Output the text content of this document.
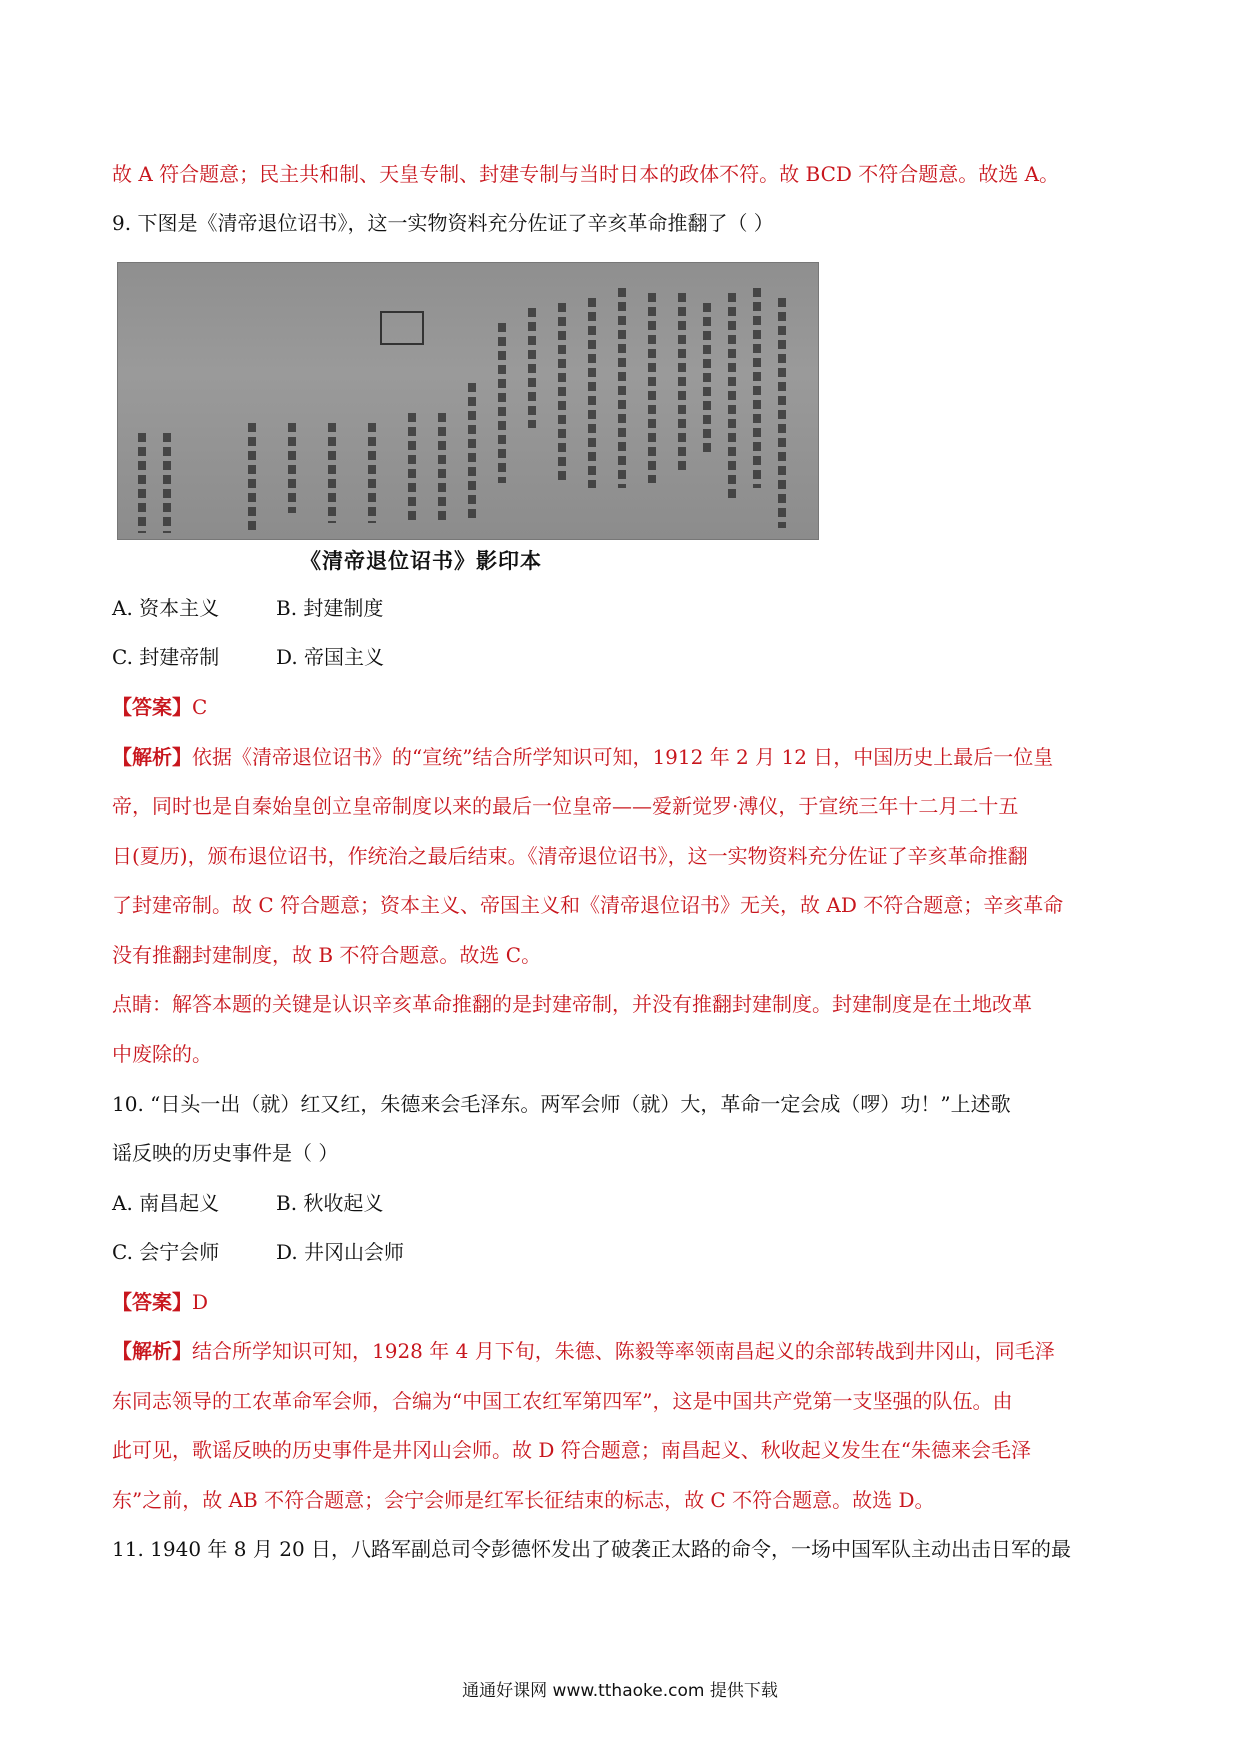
故 A 符合题意；民主共和制、天皇专制、封建专制与当时日本的政体不符。故 BCD 不符合题意。故选 A。
9. 下图是《清帝退位诏书》，这一实物资料充分佐证了辛亥革命推翻了（ ）
《清帝退位诏书》影印本
A. 资本主义	B. 封建制度
C. 封建帝制	D. 帝国主义
【答案】C
【解析】依据《清帝退位诏书》的“宣统”结合所学知识可知，1912 年 2 月 12 日，中国历史上最后一位皇
帝，同时也是自秦始皇创立皇帝制度以来的最后一位皇帝——爱新觉罗·溥仪，于宣统三年十二月二十五
日(夏历)，颁布退位诏书，作统治之最后结束。《清帝退位诏书》，这一实物资料充分佐证了辛亥革命推翻
了封建帝制。故 C 符合题意；资本主义、帝国主义和《清帝退位诏书》无关，故 AD 不符合题意；辛亥革命
没有推翻封建制度，故 B 不符合题意。故选 C。
点睛：解答本题的关键是认识辛亥革命推翻的是封建帝制，并没有推翻封建制度。封建制度是在土地改革
中废除的。
10. “日头一出（就）红又红，朱德来会毛泽东。两军会师（就）大，革命一定会成（啰）功！”上述歌
谣反映的历史事件是（ ）
A. 南昌起义	B. 秋收起义
C. 会宁会师	D. 井冈山会师
【答案】D
【解析】结合所学知识可知，1928 年 4 月下旬，朱德、陈毅等率领南昌起义的余部转战到井冈山，同毛泽
东同志领导的工农革命军会师，合编为“中国工农红军第四军”，这是中国共产党第一支坚强的队伍。由
此可见，歌谣反映的历史事件是井冈山会师。故 D 符合题意；南昌起义、秋收起义发生在“朱德来会毛泽
东”之前，故 AB 不符合题意；会宁会师是红军长征结束的标志，故 C 不符合题意。故选 D。
11. 1940 年 8 月 20 日，八路军副总司令彭德怀发出了破袭正太路的命令，一场中国军队主动出击日军的最
通通好课网 www.tthaoke.com 提供下载
